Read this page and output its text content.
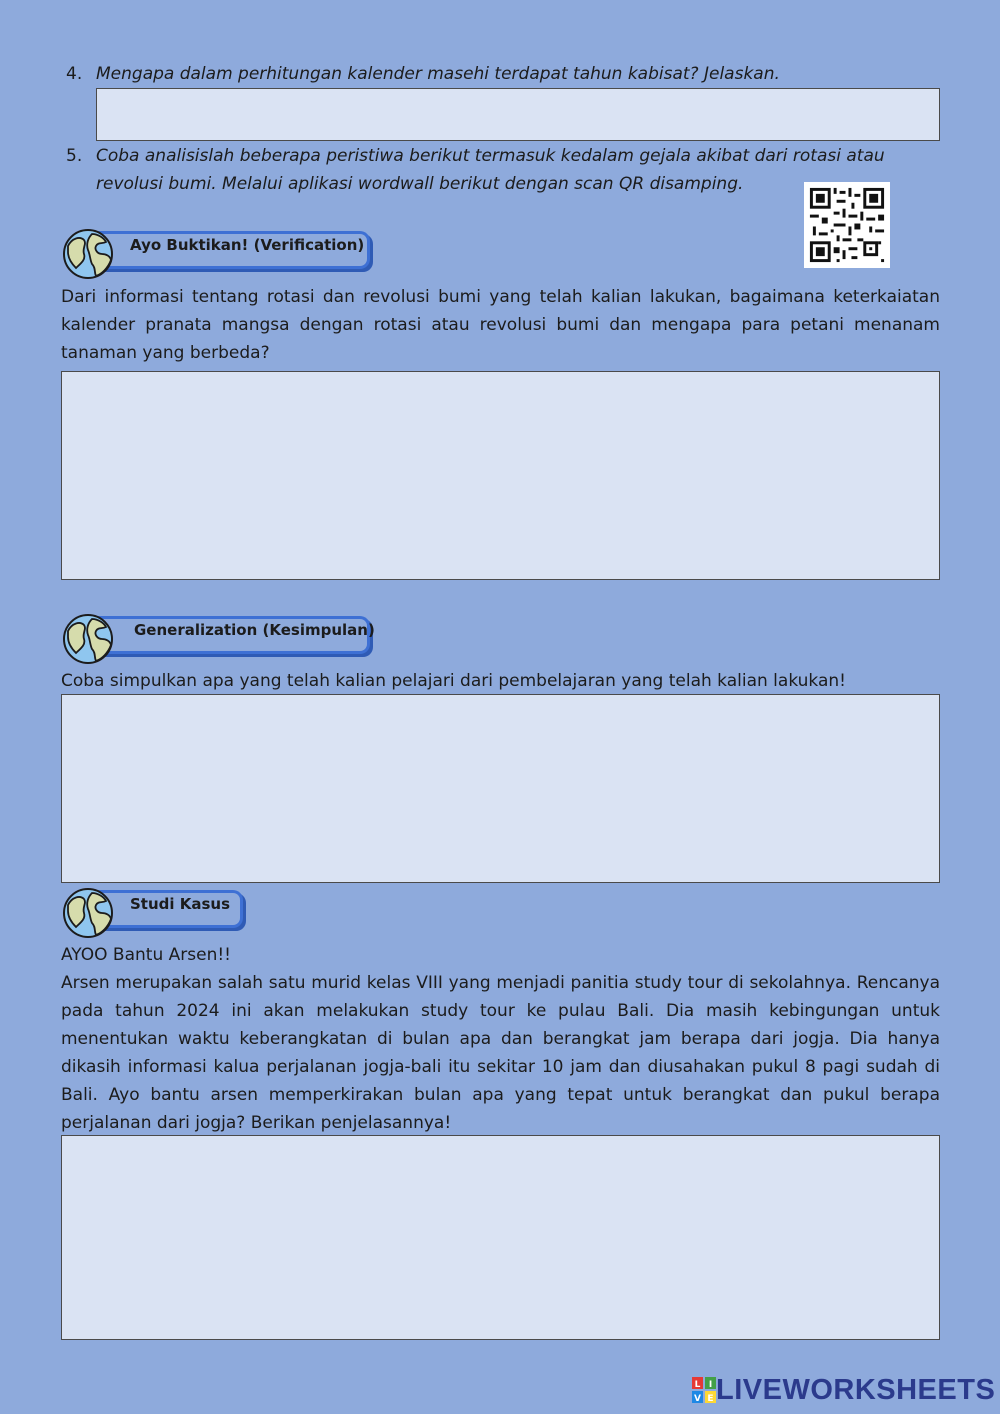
4. Mengapa dalam perhitungan kalender masehi terdapat tahun kabisat? Jelaskan.
5. Coba analisislah beberapa peristiwa berikut termasuk kedalam gejala akibat dari rotasi atau
revolusi bumi. Melalui aplikasi wordwall berikut dengan scan QR disamping.
Ayo Buktikan! (Verification)
Dari informasi tentang rotasi dan revolusi bumi yang telah kalian lakukan, bagaimana keterkaiatan kalender pranata mangsa dengan rotasi atau revolusi bumi dan mengapa para petani menanam tanaman yang berbeda?
Generalization (Kesimpulan)
Coba simpulkan apa yang telah kalian pelajari dari pembelajaran yang telah kalian lakukan!
Studi Kasus
AYOO Bantu Arsen!!
Arsen merupakan salah satu murid kelas VIII yang menjadi panitia study tour di sekolahnya. Rencanya pada tahun 2024 ini akan melakukan study tour ke pulau Bali. Dia masih kebingungan untuk menentukan waktu keberangkatan di bulan apa dan berangkat jam berapa dari jogja. Dia hanya dikasih informasi kalua perjalanan jogja-bali itu sekitar 10 jam dan diusahakan pukul 8 pagi sudah di Bali. Ayo bantu arsen memperkirakan bulan apa yang tepat untuk berangkat dan pukul berapa perjalanan dari jogja? Berikan penjelasannya!
L I
V E LIVEWORKSHEETS
